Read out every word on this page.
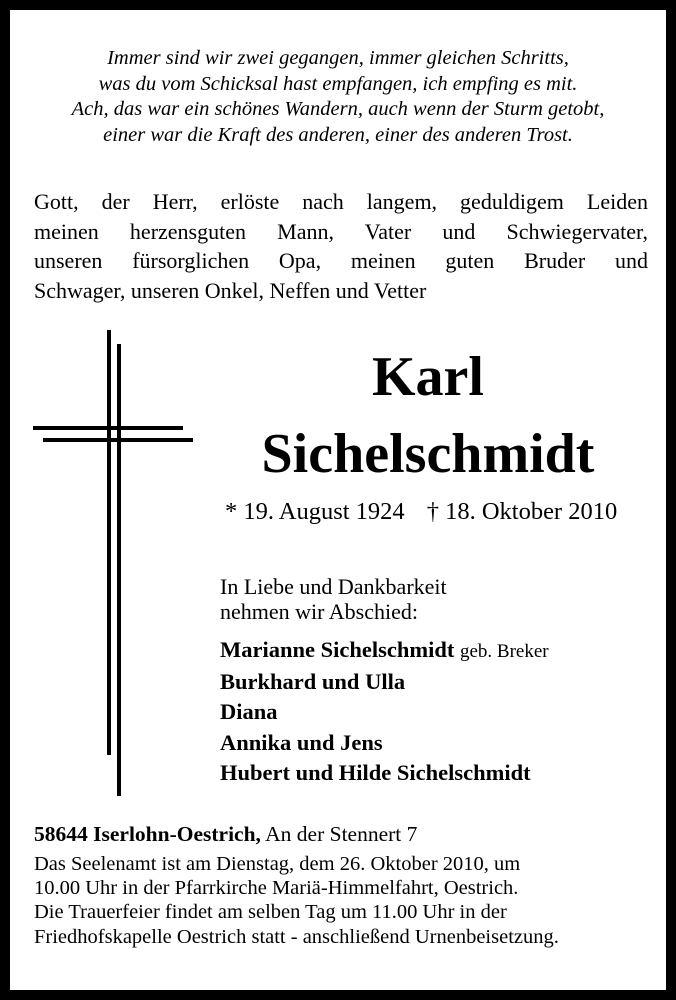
Immer sind wir zwei gegangen, immer gleichen Schritts,
was du vom Schicksal hast empfangen, ich empfing es mit.
Ach, das war ein schönes Wandern, auch wenn der Sturm getobt,
einer war die Kraft des anderen, einer des anderen Trost.
Gott, der Herr, erlöste nach langem, geduldigem Leiden
meinen herzensguten Mann, Vater und Schwiegervater,
unseren fürsorglichen Opa, meinen guten Bruder und
Schwager, unseren Onkel, Neffen und Vetter
Karl
Sichelschmidt
* 19. August 1924 † 18. Oktober 2010
In Liebe und Dankbarkeit
nehmen wir Abschied:
Marianne Sichelschmidt geb. Breker
Burkhard und Ulla
Diana
Annika und Jens
Hubert und Hilde Sichelschmidt
58644 Iserlohn-Oestrich, An der Stennert 7
Das Seelenamt ist am Dienstag, dem 26. Oktober 2010, um
10.00 Uhr in der Pfarrkirche Mariä-Himmelfahrt, Oestrich.
Die Trauerfeier findet am selben Tag um 11.00 Uhr in der
Friedhofskapelle Oestrich statt - anschließend Urnenbeisetzung.
